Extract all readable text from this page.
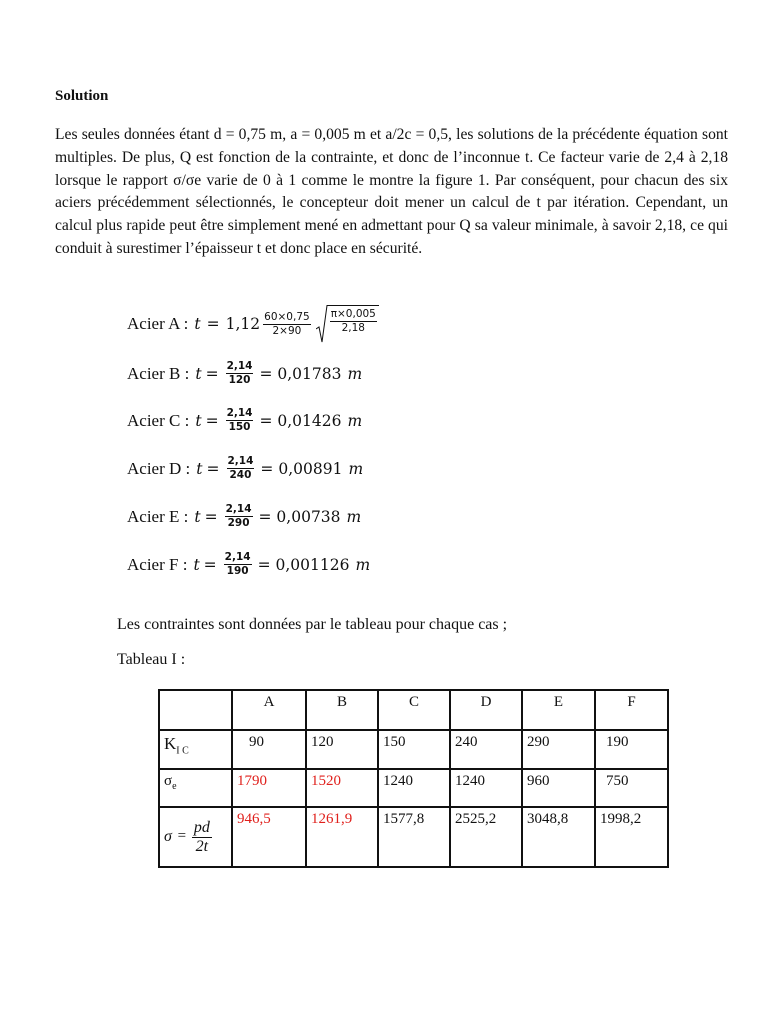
Solution
Les seules données étant d = 0,75 m, a = 0,005 m et a/2c = 0,5, les solutions de la précédente équation sont multiples. De plus, Q est fonction de la contrainte, et donc de l’inconnue t. Ce facteur varie de 2,4 à 2,18 lorsque le rapport σ/σe varie de 0 à 1 comme le montre la figure 1. Par conséquent, pour chacun des six aciers précédemment sélectionnés, le concepteur doit mener un calcul de t par itération. Cependant, un calcul plus rapide peut être simplement mené en admettant pour Q sa valeur minimale, à savoir 2,18, ce qui conduit à surestimer l’épaisseur t et donc place en sécurité.
Acier A : $t = 1,12 \frac{60\times 0,75}{2\times 90} \frac{\pi\times 0,005}{2,18}$
Acier B : $t = \frac{2,14}{120} = 0,01783$ m
Acier C : $t = \frac{2,14}{150} = 0,01426$ m
Acier D : $t = \frac{2,14}{240} = 0,00891$ m
Acier E : $t = \frac{2,14}{290} = 0,00738$ m
Acier F : $t = \frac{2,14}{190} = 0,001126$ m
Les contraintes sont données par le tableau pour chaque cas ;
Tableau I :
	A	B	C	D	E	F
$K_{I C}$	90	120	150	240	290	190
$\sigma_e$	1790	1520	1240	1240	960	750
$\sigma = \frac{pd}{2t}$	946,5	1261,9	1577,8	2525,2	3048,8	1998,2
